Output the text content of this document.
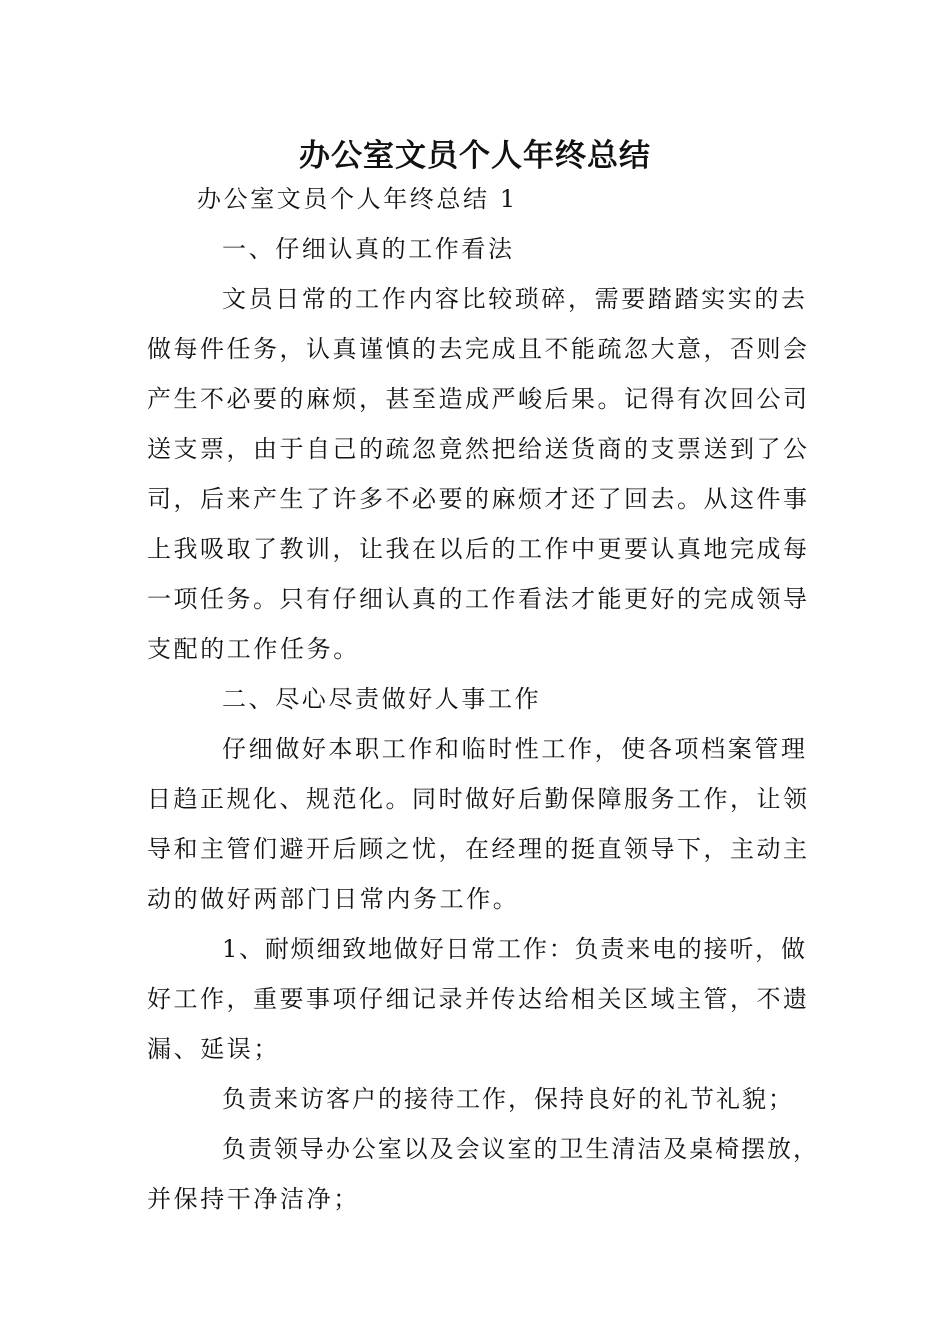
办公室文员个人年终总结
办公室文员个人年终总结 1
一、仔细认真的工作看法
文员日常的工作内容比较琐碎，需要踏踏实实的去
做每件任务，认真谨慎的去完成且不能疏忽大意，否则会
产生不必要的麻烦，甚至造成严峻后果。记得有次回公司
送支票，由于自己的疏忽竟然把给送货商的支票送到了公
司，后来产生了许多不必要的麻烦才还了回去。从这件事
上我吸取了教训，让我在以后的工作中更要认真地完成每
一项任务。只有仔细认真的工作看法才能更好的完成领导
支配的工作任务。
二、尽心尽责做好人事工作
仔细做好本职工作和临时性工作，使各项档案管理
日趋正规化、规范化。同时做好后勤保障服务工作，让领
导和主管们避开后顾之忧，在经理的挺直领导下，主动主
动的做好两部门日常内务工作。
1、耐烦细致地做好日常工作：负责来电的接听，做
好工作，重要事项仔细记录并传达给相关区域主管，不遗
漏、延误；
负责来访客户的接待工作，保持良好的礼节礼貌；
负责领导办公室以及会议室的卫生清洁及桌椅摆放，
并保持干净洁净；
